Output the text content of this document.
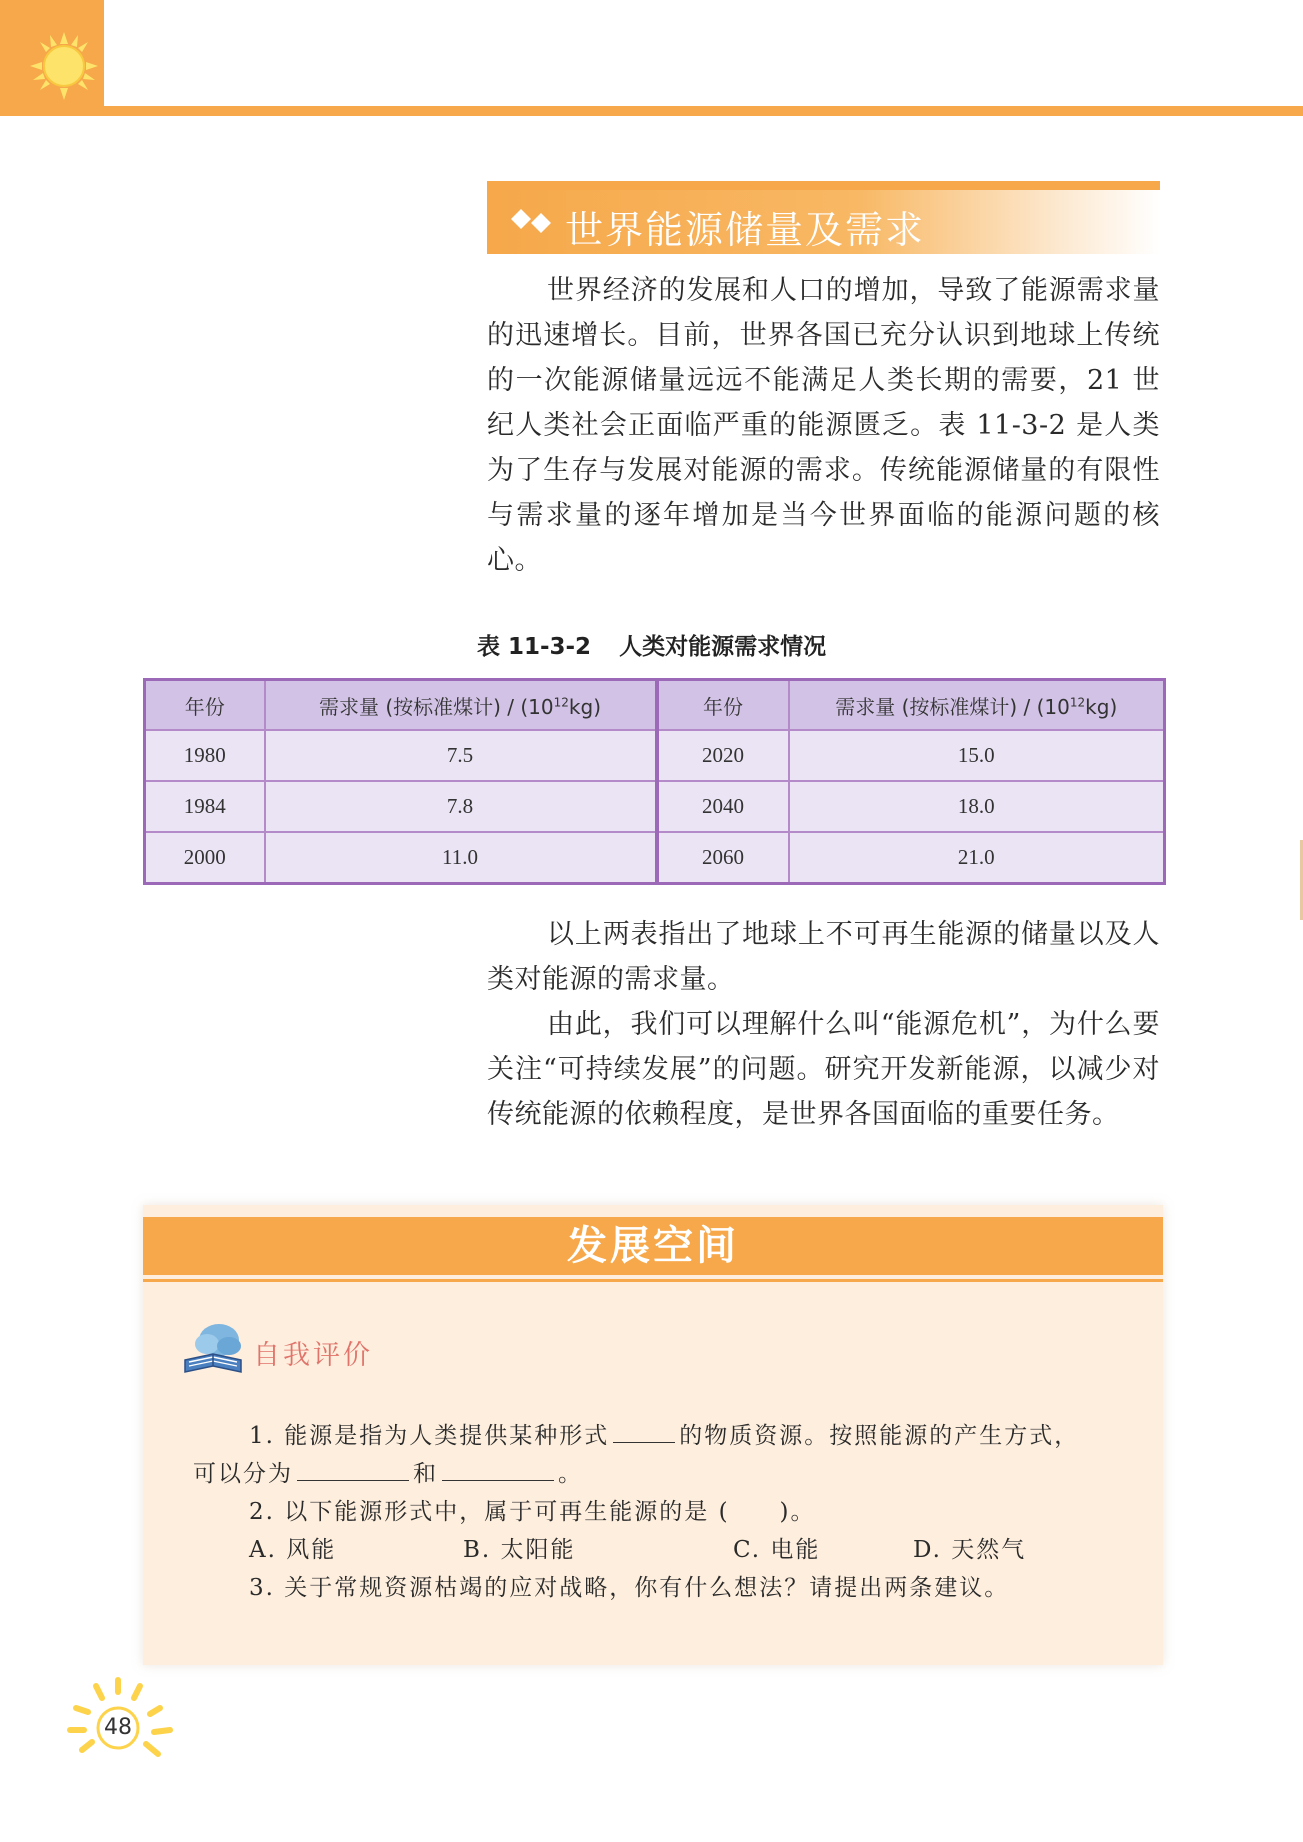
世界能源储量及需求

世界经济的发展和人口的增加，导致了能源需求量的迅速增长。目前，世界各国已充分认识到地球上传统的一次能源储量远远不能满足人类长期的需要，21 世纪人类社会正面临严重的能源匮乏。表 11-3-2 是人类为了生存与发展对能源的需求。传统能源储量的有限性与需求量的逐年增加是当今世界面临的能源问题的核心。

表 11-3-2 人类对能源需求情况
年份	需求量 (按标准煤计) / $(10^{12}kg)$	年份	需求量 (按标准煤计) / $(10^{12}kg)$
1980	7.5	2020	15.0
1984	7.8	2040	18.0
2000	11.0	2060	21.0

以上两表指出了地球上不可再生能源的储量以及人类对能源的需求量。

由此，我们可以理解什么叫“能源危机”，为什么要关注“可持续发展”的问题。研究开发新能源，以减少对传统能源的依赖程度，是世界各国面临的重要任务。

发展空间
自我评价
1. 能源是指为人类提供某种形式	的物质资源。按照能源的产生方式，
可以分为	和	。
2. 以下能源形式中，属于可再生能源的是 (　　)。
A. 风能	B. 太阳能	C. 电能	D. 天然气
3. 关于常规资源枯竭的应对战略，你有什么想法？请提出两条建议。
48
